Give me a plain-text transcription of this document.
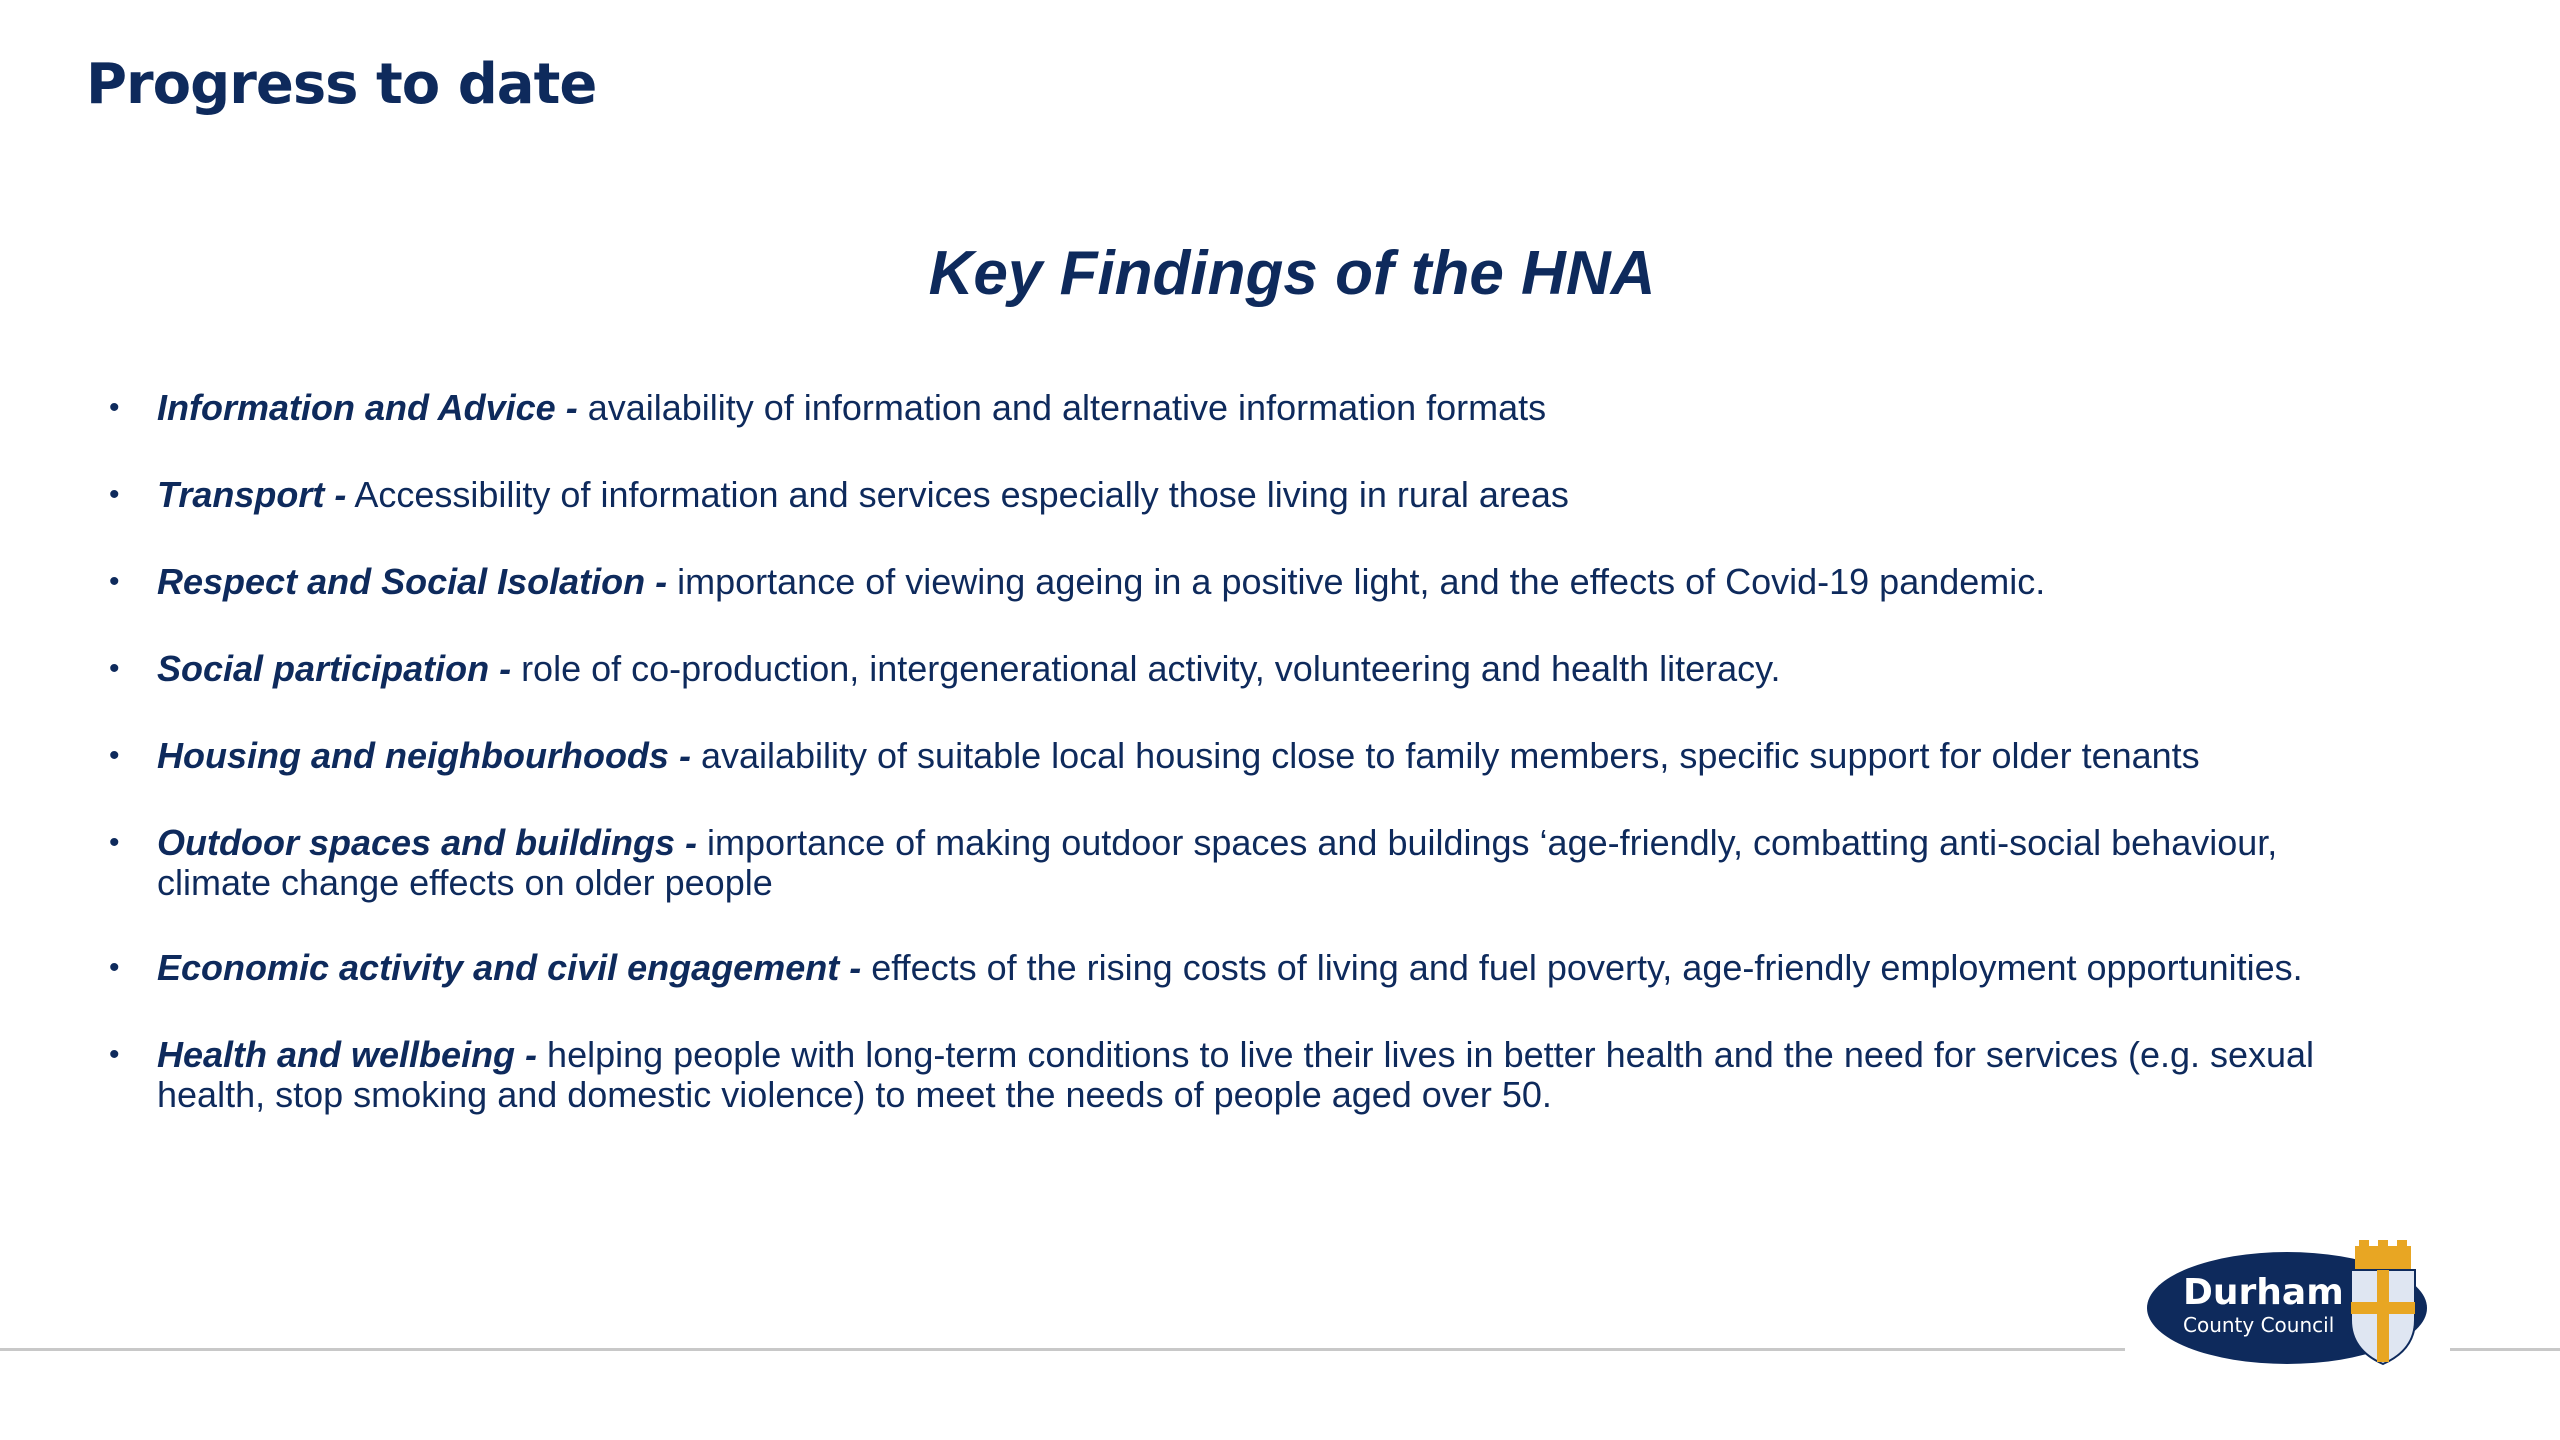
Progress to date
Key Findings of the HNA
• Information and Advice - availability of information and alternative information formats
• Transport - Accessibility of information and services especially those living in rural areas
• Respect and Social Isolation - importance of viewing ageing in a positive light, and the effects of Covid-19 pandemic.
• Social participation - role of co-production, intergenerational activity, volunteering and health literacy.
• Housing and neighbourhoods - availability of suitable local housing close to family members, specific support for older tenants
• Outdoor spaces and buildings - importance of making outdoor spaces and buildings ‘age-friendly, combatting anti-social behaviour, climate change effects on older people
• Economic activity and civil engagement - effects of the rising costs of living and fuel poverty, age-friendly employment opportunities.
• Health and wellbeing - helping people with long-term conditions to live their lives in better health and the need for services (e.g. sexual health, stop smoking and domestic violence) to meet the needs of people aged over 50.
Durham
County Council
